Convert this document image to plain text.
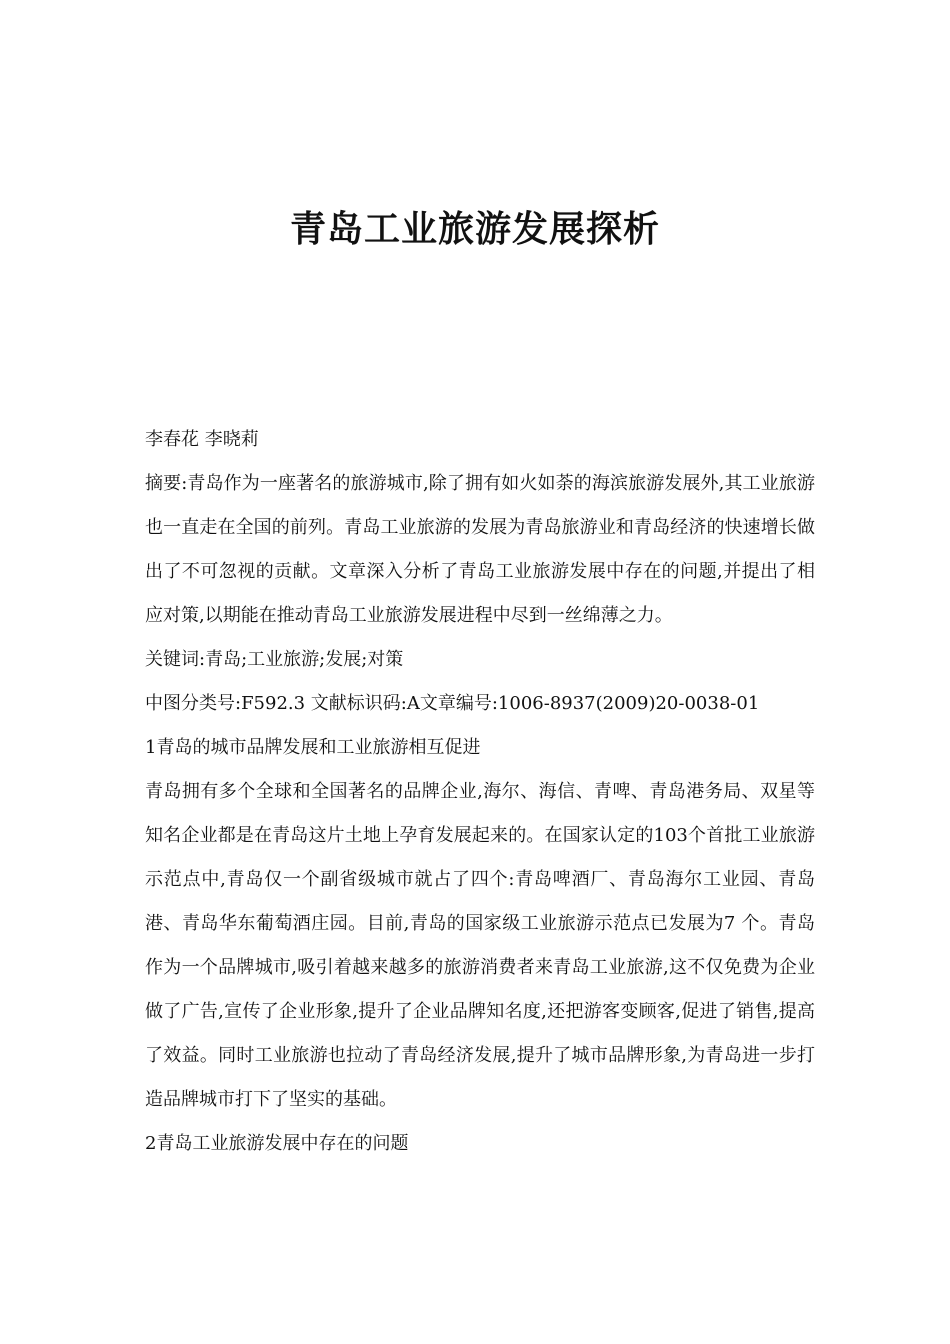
青岛工业旅游发展探析

李春花 李晓莉

摘要:青岛作为一座著名的旅游城市,除了拥有如火如荼的海滨旅游发展外,其工业旅游也一直走在全国的前列。青岛工业旅游的发展为青岛旅游业和青岛经济的快速增长做出了不可忽视的贡献。文章深入分析了青岛工业旅游发展中存在的问题,并提出了相应对策,以期能在推动青岛工业旅游发展进程中尽到一丝绵薄之力。

关键词:青岛;工业旅游;发展;对策

中图分类号:F592.3 文献标识码:A文章编号:1006-8937(2009)20-0038-01

1青岛的城市品牌发展和工业旅游相互促进

青岛拥有多个全球和全国著名的品牌企业,海尔、海信、青啤、青岛港务局、双星等知名企业都是在青岛这片土地上孕育发展起来的。在国家认定的103个首批工业旅游示范点中,青岛仅一个副省级城市就占了四个:青岛啤酒厂、青岛海尔工业园、青岛港、青岛华东葡萄酒庄园。目前,青岛的国家级工业旅游示范点已发展为7 个。青岛作为一个品牌城市,吸引着越来越多的旅游消费者来青岛工业旅游,这不仅免费为企业做了广告,宣传了企业形象,提升了企业品牌知名度,还把游客变顾客,促进了销售,提高了效益。同时工业旅游也拉动了青岛经济发展,提升了城市品牌形象,为青岛进一步打造品牌城市打下了坚实的基础。

2青岛工业旅游发展中存在的问题
